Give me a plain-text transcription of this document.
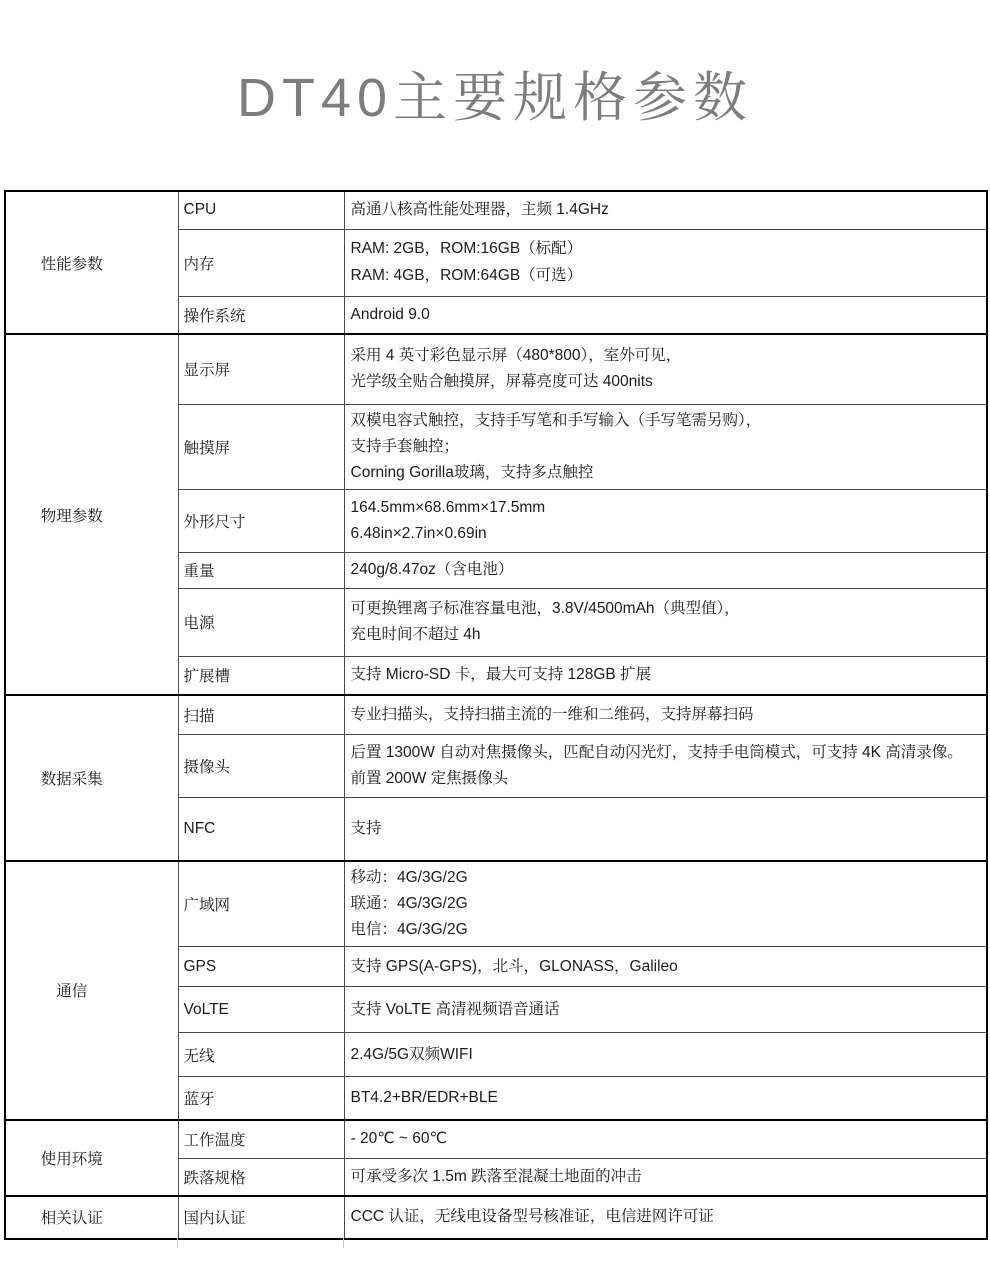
DT40主要规格参数
性能参数	CPU	高通八核高性能处理器，主频 1.4GHz

	内存	RAM: 2GB，ROM:16GB（标配）
RAM: 4GB，ROM:64GB（可选）

	操作系统	Android 9.0

物理参数	显示屏	采用 4 英寸彩色显示屏（480*800），室外可见，
光学级全贴合触摸屏，屏幕亮度可达 400nits

	触摸屏	双模电容式触控，支持手写笔和手写输入（手写笔需另购），
支持手套触控；
Corning Gorilla玻璃，支持多点触控

	外形尺寸	164.5mm×68.6mm×17.5mm
6.48in×2.7in×0.69in

	重量	240g/8.47oz（含电池）

	电源	可更换锂离子标准容量电池，3.8V/4500mAh（典型值），
充电时间不超过 4h

	扩展槽	支持 Micro-SD 卡，最大可支持 128GB 扩展

数据采集	扫描	专业扫描头，支持扫描主流的一维和二维码，支持屏幕扫码

	摄像头	后置 1300W 自动对焦摄像头，匹配自动闪光灯，支持手电筒模式，可支持 4K 高清录像。
前置 200W 定焦摄像头

	NFC	支持

通信	广域网	移动：4G/3G/2G
联通：4G/3G/2G
电信：4G/3G/2G

	GPS	支持 GPS(A-GPS)，北斗，GLONASS，Galileo

	VoLTE	支持 VoLTE 高清视频语音通话

	无线	2.4G/5G双频WIFI

	蓝牙	BT4.2+BR/EDR+BLE

使用环境	工作温度	- 20℃ ~ 60℃

	跌落规格	可承受多次 1.5m 跌落至混凝土地面的冲击

相关认证	国内认证	CCC 认证，无线电设备型号核准证，电信进网许可证
